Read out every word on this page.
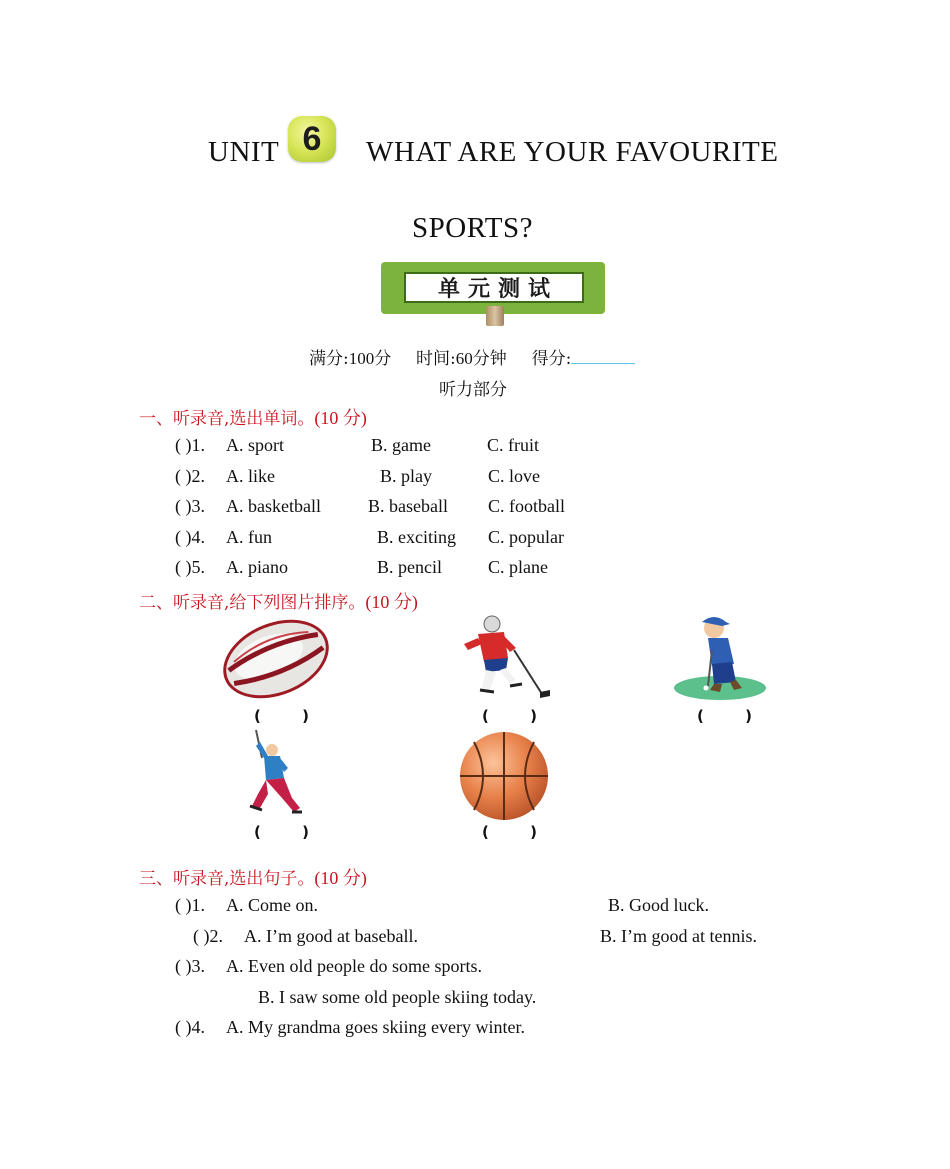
UNIT 6 WHAT ARE YOUR FAVOURITE
SPORTS?
单元测试
满分:100分 时间:60分钟 得分:
听力部分
一、听录音,选出单词。(10 分)
( )1. A. sport	B. game	C. fruit
( )2. A. like	B. play	C. love
( )3. A. basketball	B. baseball C. football
( )4. A. fun	B. exciting C. popular
( )5. A. piano	B. pencil	C. plane
二、听录音,给下列图片排序。(10 分)
( )	( )	( )
( )	( )
三、听录音,选出句子。(10 分)
( )1. A. Come on.	B. Good luck.
( )2. A. I’m good at baseball.	B. I’m good at tennis.
( )3. A. Even old people do some sports.
B. I saw some old people skiing today.
( )4. A. My grandma goes skiing every winter.
